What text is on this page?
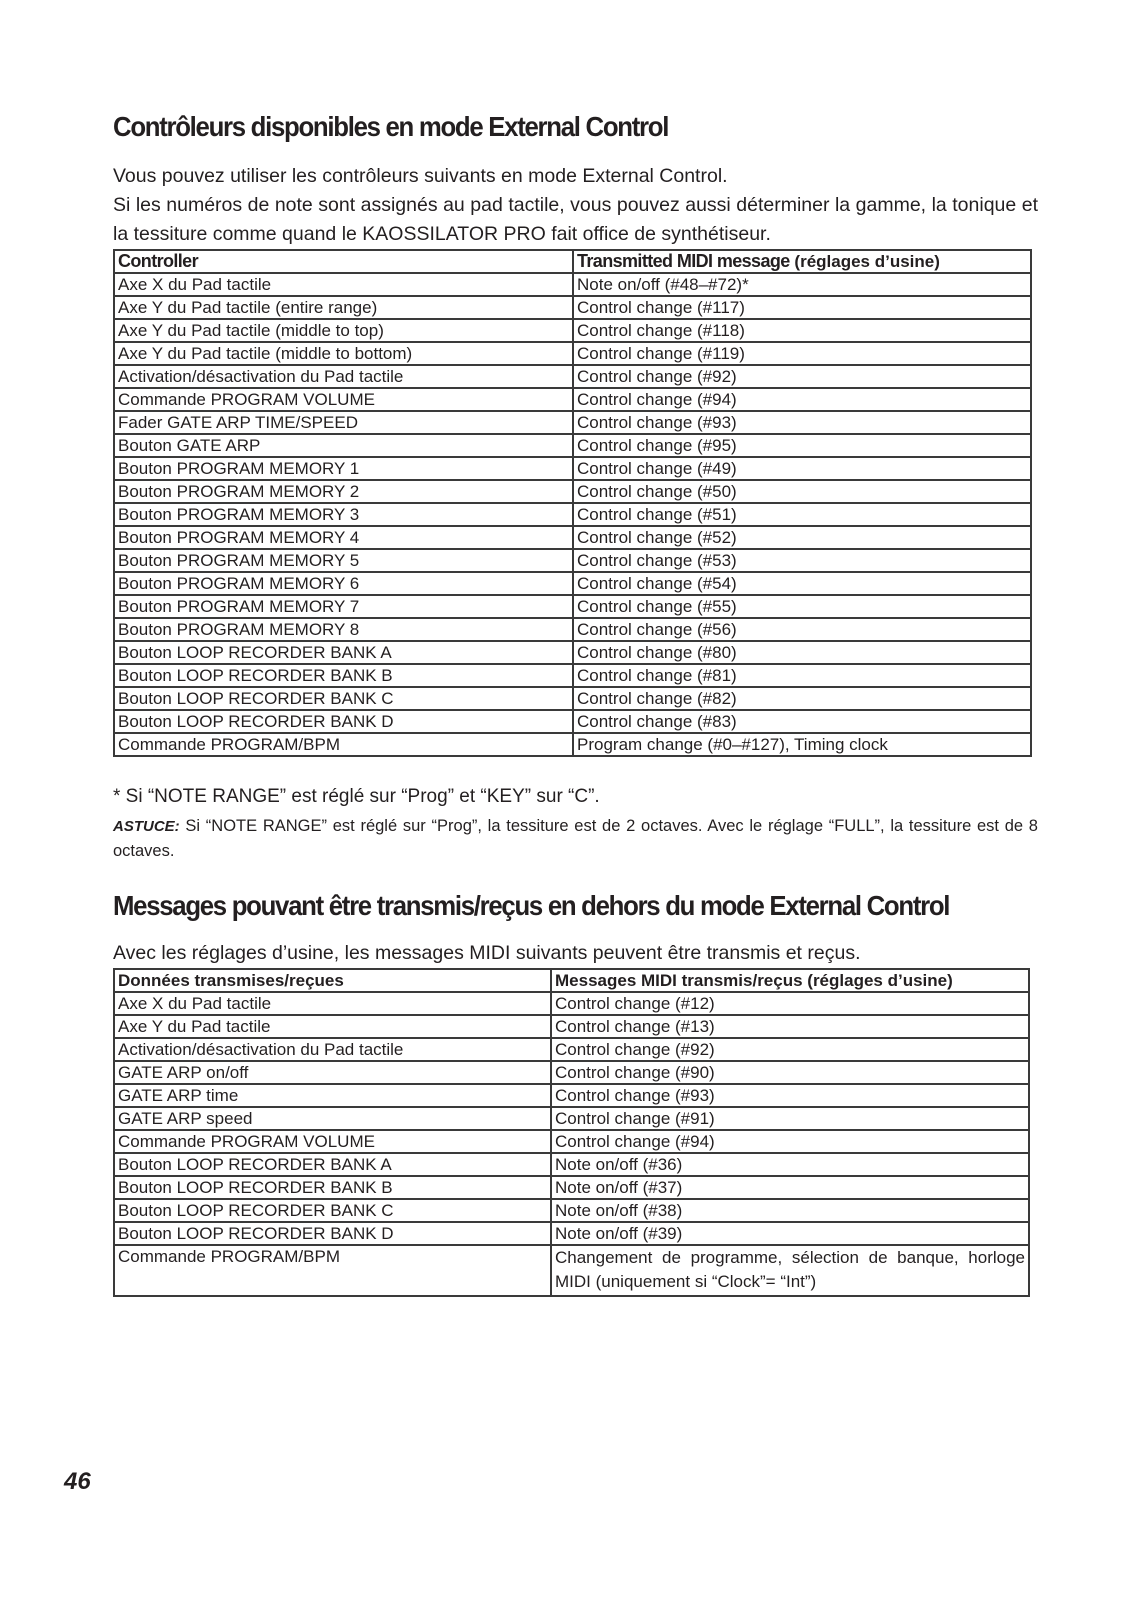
Contrôleurs disponibles en mode External Control

Vous pouvez utiliser les contrôleurs suivants en mode External Control.

Si les numéros de note sont assignés au pad tactile, vous pouvez aussi déterminer la gamme, la tonique et la tessiture comme quand le KAOSSILATOR PRO fait office de synthétiseur.

Controller	Transmitted MIDI message (réglages d’usine)
Axe X du Pad tactile	Note on/off (#48–#72)*
Axe Y du Pad tactile (entire range)	Control change (#117)
Axe Y du Pad tactile (middle to top)	Control change (#118)
Axe Y du Pad tactile (middle to bottom)	Control change (#119)
Activation/désactivation du Pad tactile	Control change (#92)
Commande PROGRAM VOLUME	Control change (#94)
Fader GATE ARP TIME/SPEED	Control change (#93)
Bouton GATE ARP	Control change (#95)
Bouton PROGRAM MEMORY 1	Control change (#49)
Bouton PROGRAM MEMORY 2	Control change (#50)
Bouton PROGRAM MEMORY 3	Control change (#51)
Bouton PROGRAM MEMORY 4	Control change (#52)
Bouton PROGRAM MEMORY 5	Control change (#53)
Bouton PROGRAM MEMORY 6	Control change (#54)
Bouton PROGRAM MEMORY 7	Control change (#55)
Bouton PROGRAM MEMORY 8	Control change (#56)
Bouton LOOP RECORDER BANK A	Control change (#80)
Bouton LOOP RECORDER BANK B	Control change (#81)
Bouton LOOP RECORDER BANK C	Control change (#82)
Bouton LOOP RECORDER BANK D	Control change (#83)
Commande PROGRAM/BPM	Program change (#0–#127), Timing clock

* Si “NOTE RANGE” est réglé sur “Prog” et “KEY” sur “C”.

ASTUCE: Si “NOTE RANGE” est réglé sur “Prog”, la tessiture est de 2 octaves. Avec le réglage “FULL”, la tessiture est de 8 octaves.

Messages pouvant être transmis/reçus en dehors du mode External Control

Avec les réglages d’usine, les messages MIDI suivants peuvent être transmis et reçus.

Données transmises/reçues	Messages MIDI transmis/reçus (réglages d’usine)
Axe X du Pad tactile	Control change (#12)
Axe Y du Pad tactile	Control change (#13)
Activation/désactivation du Pad tactile	Control change (#92)
GATE ARP on/off	Control change (#90)
GATE ARP time	Control change (#93)
GATE ARP speed	Control change (#91)
Commande PROGRAM VOLUME	Control change (#94)
Bouton LOOP RECORDER BANK A	Note on/off (#36)
Bouton LOOP RECORDER BANK B	Note on/off (#37)
Bouton LOOP RECORDER BANK C	Note on/off (#38)
Bouton LOOP RECORDER BANK D	Note on/off (#39)
Commande PROGRAM/BPM	Changement de programme, sélection de banque, horloge MIDI (uniquement si “Clock”= “Int”)
46
